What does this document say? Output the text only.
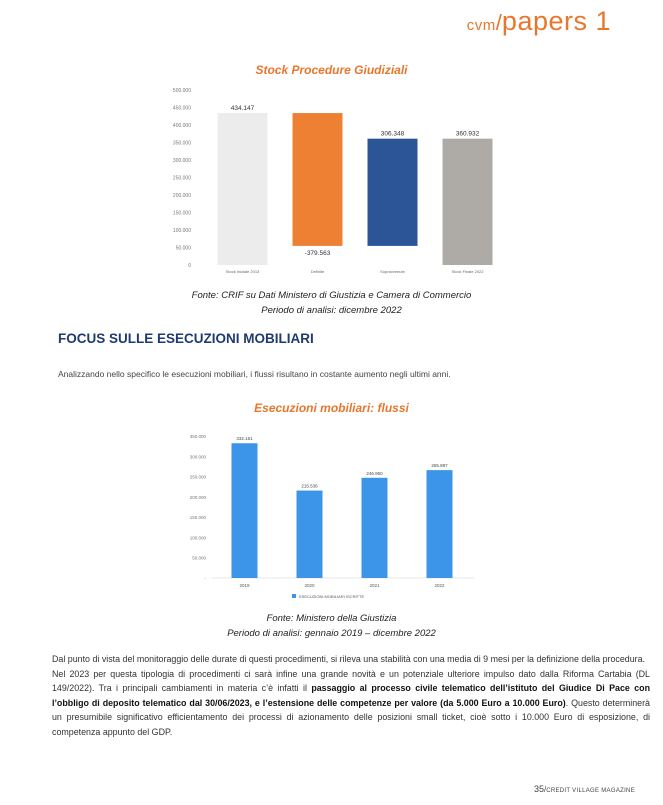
cvm/papers 1
Stock Procedure Giudiziali
0
50.000
100.000
150.000
200.000
250.000
300.000
350.000
400.000
450.000
500.000
434.147
Stock Iniziale 2013
-379.563
Definite
306.348
Sopravvenute
360.932
Stock Finale 2022
Fonte: CRIF su Dati Ministero di Giustizia e Camera di Commercio
Periodo di analisi: dicembre 2022
FOCUS SULLE ESECUZIONI MOBILIARI
Analizzando nello specifico le esecuzioni mobiliari, i flussi risultano in costante aumento negli ultimi anni.
Esecuzioni mobiliari: flussi
-
50.000
100.000
150.000
200.000
250.000
300.000
350.000	332.161
2019
215.536
2020
246.950
2021
265.887
2022
ESECUZIONI MOBILIARI ISCRITTE
Fonte: Ministero della Giustizia
Periodo di analisi: gennaio 2019 – dicembre 2022

Dal punto di vista del monitoraggio delle durate di questi procedimenti, si rileva una stabilità con una media di 9 mesi per la definizione della procedura.

Nel 2023 per questa tipologia di procedimenti ci sarà infine una grande novità e un potenziale ulteriore impulso dato dalla Riforma Cartabia (DL 149/2022). Tra i principali cambiamenti in materia c’è infatti il passaggio al processo civile telematico dell’istituto del Giudice Di Pace con l’obbligo di deposito telematico dal 30/06/2023, e l’estensione delle competenze per valore (da 5.000 Euro a 10.000 Euro). Questo determinerà un presumibile significativo efficientamento dei processi di azionamento delle posizioni small ticket, cioè sotto i 10.000 Euro di esposizione, di competenza appunto del GDP.

35/CREDIT VILLAGE MAGAZINE
